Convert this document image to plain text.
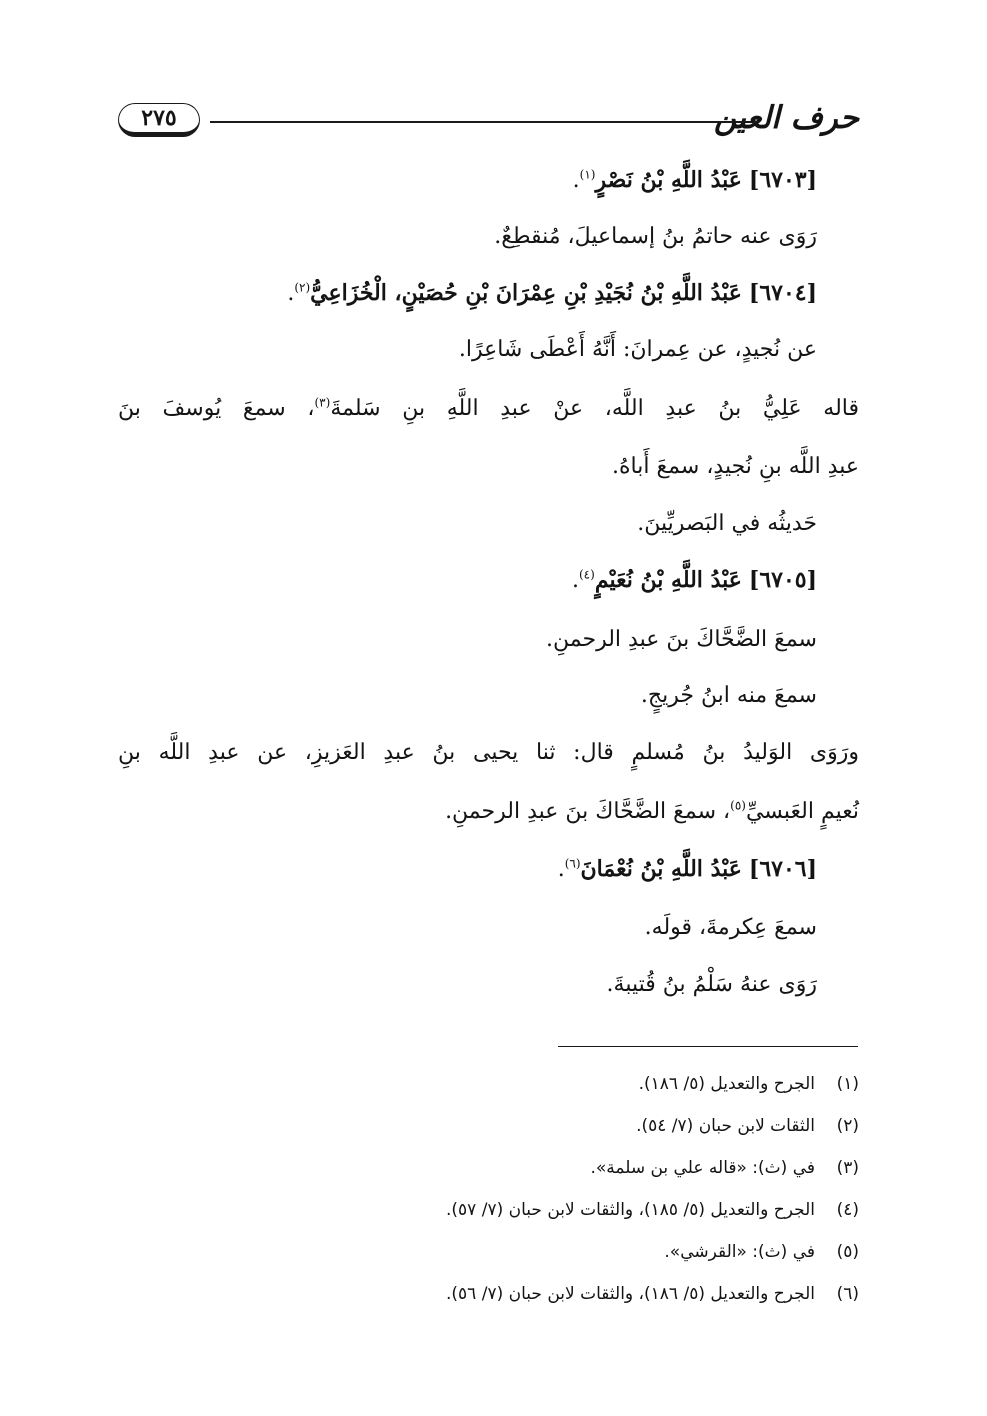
حرف العين
٢٧٥
[٦٧٠٣] عَبْدُ اللَّهِ بْنُ نَصْرٍ$^{(١)}$.
رَوَى عنه حاتمُ بنُ إسماعيلَ، مُنقطِعٌ.
[٦٧٠٤] عَبْدُ اللَّهِ بْنُ نُجَيْدِ بْنِ عِمْرَانَ بْنِ حُصَيْنٍ، الْخُزَاعِيُّ$^{(٢)}$.
عن نُجيدٍ، عن عِمرانَ: أَنَّهُ أَعْطَى شَاعِرًا.
قاله عَلِيُّ بنُ عبدِ اللَّه، عنْ عبدِ اللَّهِ بنِ سَلمةَ$^{(٣)}$، سمعَ يُوسفَ بنَ
عبدِ اللَّه بنِ نُجيدٍ، سمعَ أَباهُ.
حَديثُه في البَصريِّينَ.
[٦٧٠٥] عَبْدُ اللَّهِ بْنُ نُعَيْمٍ$^{(٤)}$.
سمعَ الضَّحَّاكَ بنَ عبدِ الرحمنِ.
سمعَ منه ابنُ جُريجٍ.
ورَوَى الوَليدُ بنُ مُسلمٍ قال: ثنا يحيى بنُ عبدِ العَزيزِ، عن عبدِ اللَّه بنِ
نُعيمٍ العَبسيِّ$^{(٥)}$، سمعَ الضَّحَّاكَ بنَ عبدِ الرحمنِ.
[٦٧٠٦] عَبْدُ اللَّهِ بْنُ نُعْمَانَ$^{(٦)}$.
سمعَ عِكرمةَ، قولَه.
رَوَى عنهُ سَلْمُ بنُ قُتيبةَ.
(١)الجرح والتعديل (٥/ ١٨٦).
(٢)الثقات لابن حبان (٧/ ٥٤).
(٣)في (ث): «قاله علي بن سلمة».
(٤)الجرح والتعديل (٥/ ١٨٥)، والثقات لابن حبان (٧/ ٥٧).
(٥)في (ث): «القرشي».
(٦)الجرح والتعديل (٥/ ١٨٦)، والثقات لابن حبان (٧/ ٥٦).
